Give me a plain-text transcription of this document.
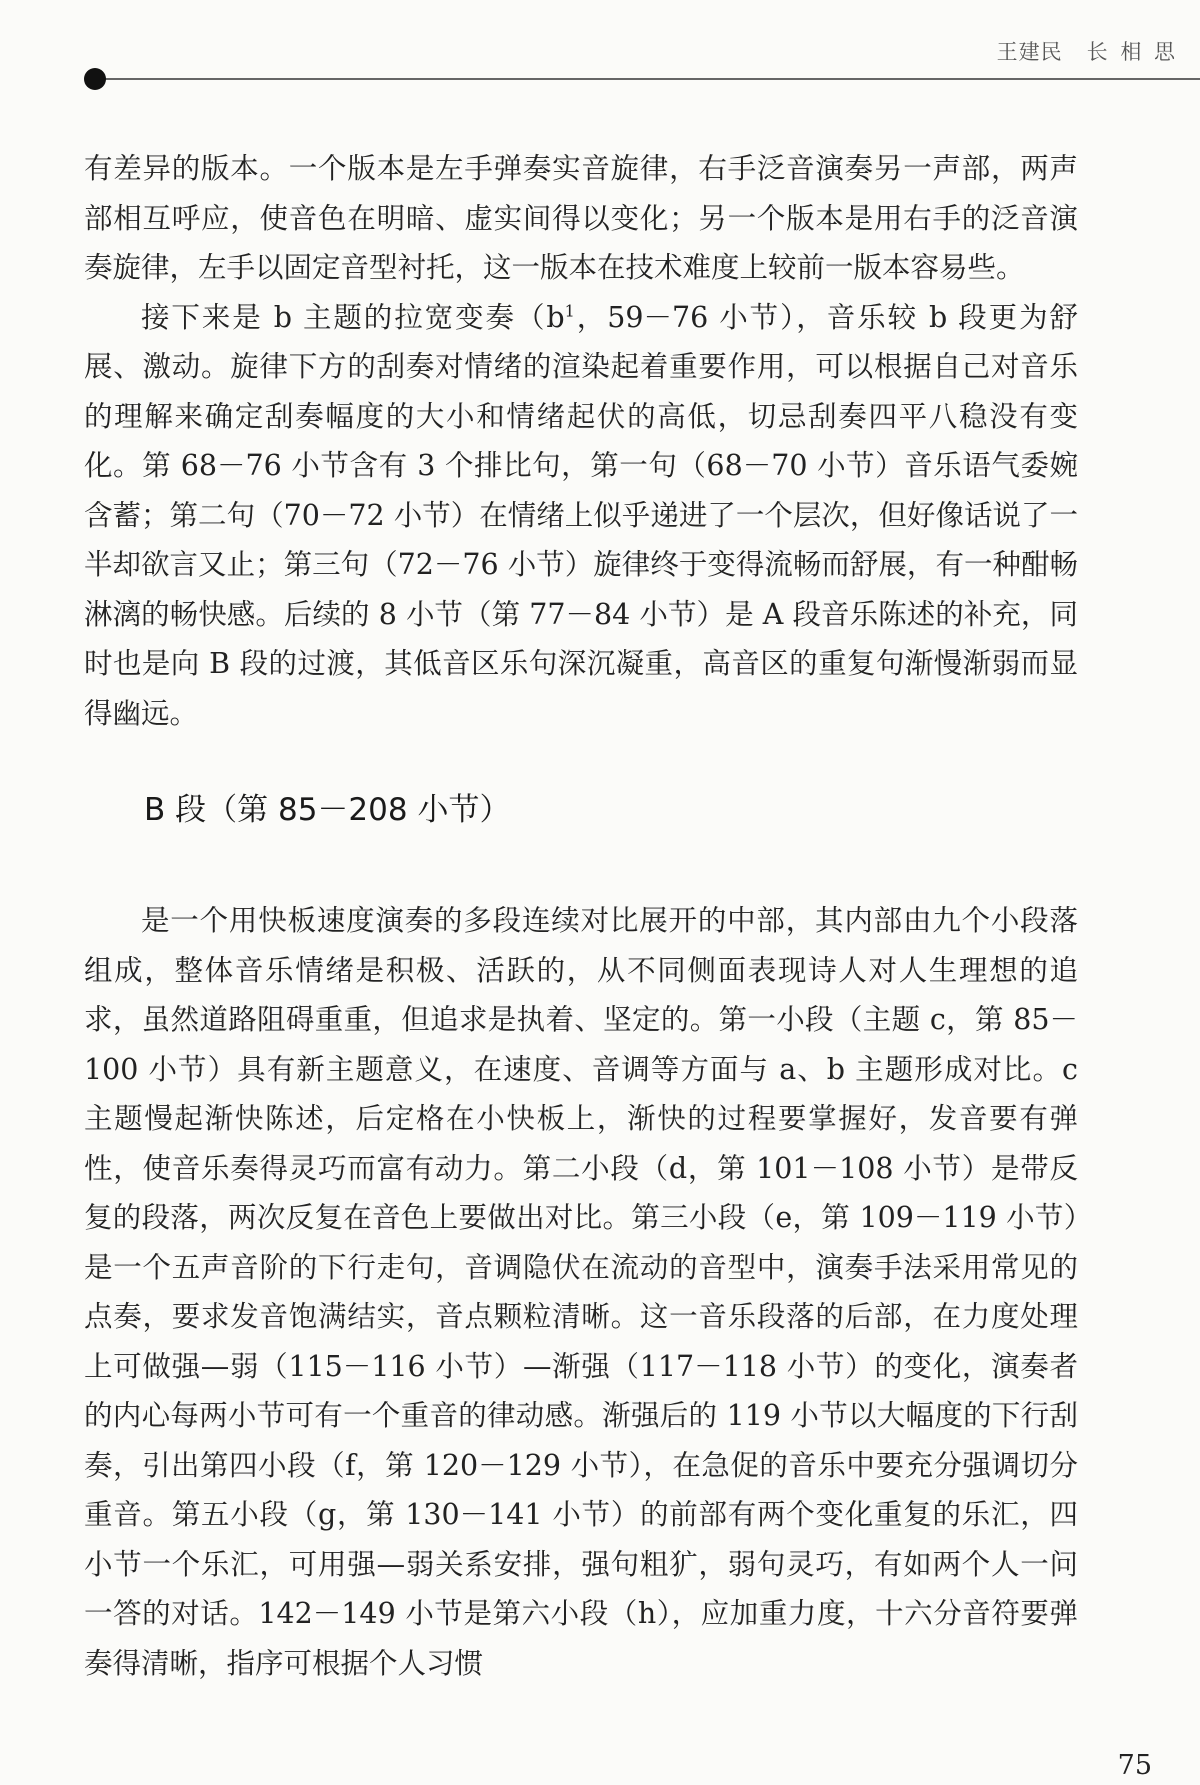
王建民 长 相 思

有差异的版本。一个版本是左手弹奏实音旋律，右手泛音演奏另一声部，两声部相互呼应，使音色在明暗、虚实间得以变化；另一个版本是用右手的泛音演奏旋律，左手以固定音型衬托，这一版本在技术难度上较前一版本容易些。

接下来是 b 主题的拉宽变奏（$b^1$，59－76 小节），音乐较 b 段更为舒展、激动。旋律下方的刮奏对情绪的渲染起着重要作用，可以根据自己对音乐的理解来确定刮奏幅度的大小和情绪起伏的高低，切忌刮奏四平八稳没有变化。第 68－76 小节含有 3 个排比句，第一句（68－70 小节）音乐语气委婉含蓄；第二句（70－72 小节）在情绪上似乎递进了一个层次，但好像话说了一半却欲言又止；第三句（72－76 小节）旋律终于变得流畅而舒展，有一种酣畅淋漓的畅快感。后续的 8 小节（第 77－84 小节）是 A 段音乐陈述的补充，同时也是向 B 段的过渡，其低音区乐句深沉凝重，高音区的重复句渐慢渐弱而显得幽远。

B 段（第 85－208 小节）

是一个用快板速度演奏的多段连续对比展开的中部，其内部由九个小段落组成，整体音乐情绪是积极、活跃的，从不同侧面表现诗人对人生理想的追求，虽然道路阻碍重重，但追求是执着、坚定的。第一小段（主题 c，第 85－100 小节）具有新主题意义，在速度、音调等方面与 a、b 主题形成对比。c 主题慢起渐快陈述，后定格在小快板上，渐快的过程要掌握好，发音要有弹性，使音乐奏得灵巧而富有动力。第二小段（d，第 101－108 小节）是带反复的段落，两次反复在音色上要做出对比。第三小段（e，第 109－119 小节）是一个五声音阶的下行走句，音调隐伏在流动的音型中，演奏手法采用常见的点奏，要求发音饱满结实，音点颗粒清晰。这一音乐段落的后部，在力度处理上可做强—弱（115－116 小节）—渐强（117－118 小节）的变化，演奏者的内心每两小节可有一个重音的律动感。渐强后的 119 小节以大幅度的下行刮奏，引出第四小段（f，第 120－129 小节），在急促的音乐中要充分强调切分重音。第五小段（g，第 130－141 小节）的前部有两个变化重复的乐汇，四小节一个乐汇，可用强—弱关系安排，强句粗犷，弱句灵巧，有如两个人一问一答的对话。142－149 小节是第六小段（h），应加重力度，十六分音符要弹奏得清晰，指序可根据个人习惯

75
